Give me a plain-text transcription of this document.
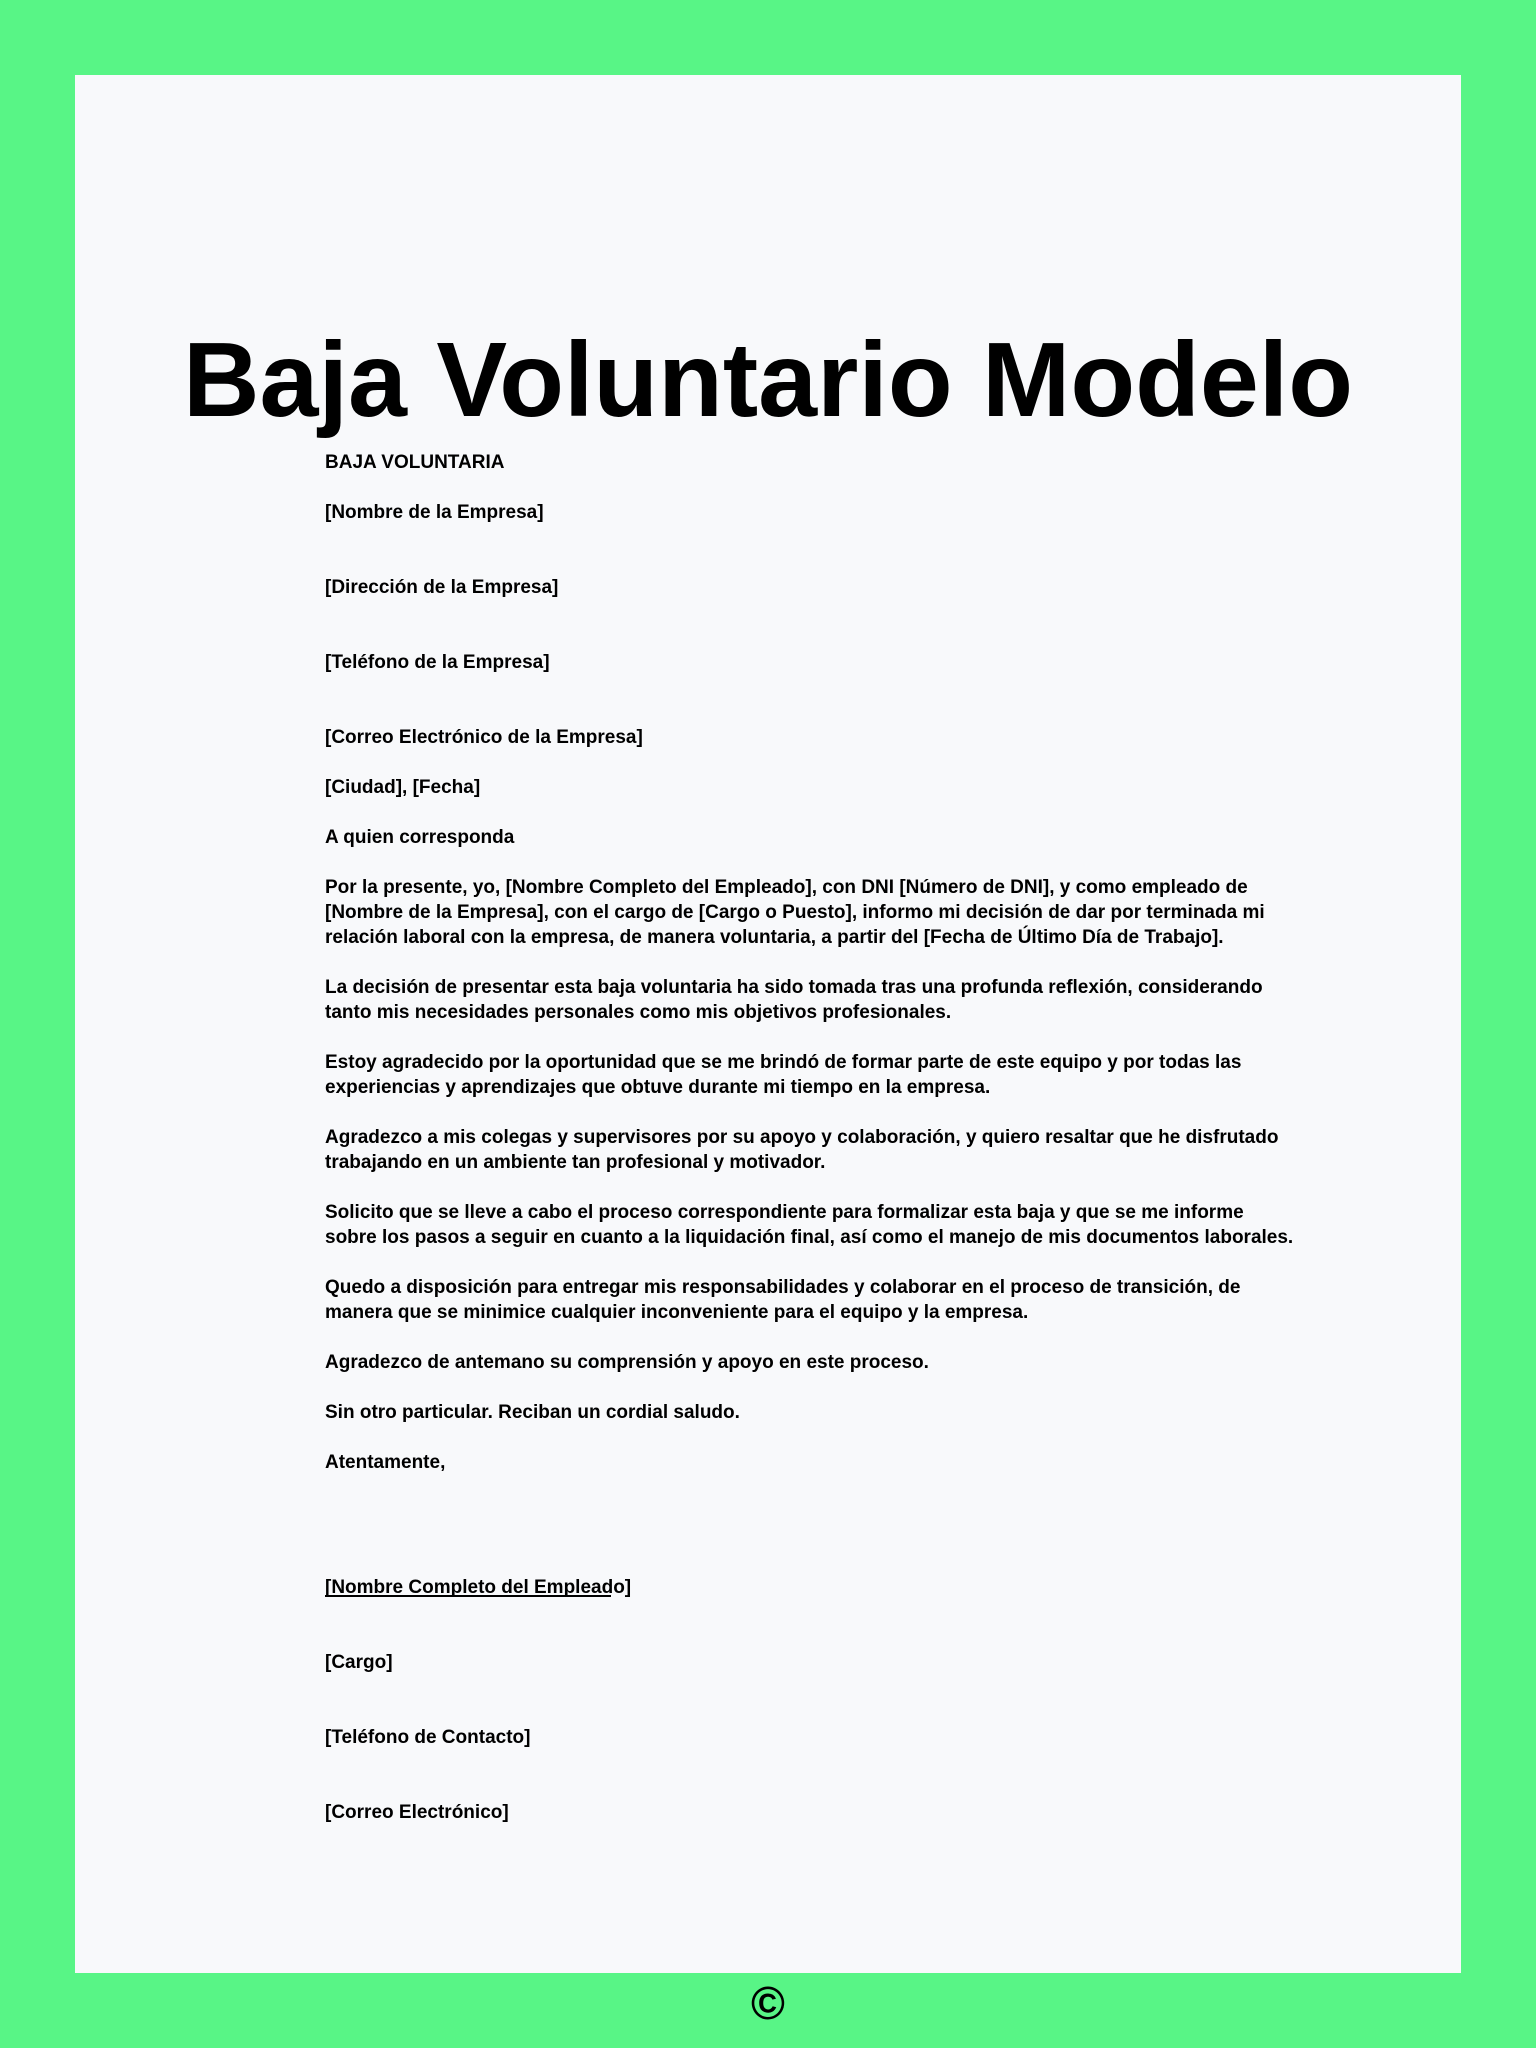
Baja Voluntario Modelo
BAJA VOLUNTARIA
[Nombre de la Empresa]
[Dirección de la Empresa]
[Teléfono de la Empresa]
[Correo Electrónico de la Empresa]
[Ciudad], [Fecha]
A quien corresponda
Por la presente, yo, [Nombre Completo del Empleado], con DNI [Número de DNI], y como empleado de
[Nombre de la Empresa], con el cargo de [Cargo o Puesto], informo mi decisión de dar por terminada mi
relación laboral con la empresa, de manera voluntaria, a partir del [Fecha de Último Día de Trabajo].
La decisión de presentar esta baja voluntaria ha sido tomada tras una profunda reflexión, considerando
tanto mis necesidades personales como mis objetivos profesionales.
Estoy agradecido por la oportunidad que se me brindó de formar parte de este equipo y por todas las
experiencias y aprendizajes que obtuve durante mi tiempo en la empresa.
Agradezco a mis colegas y supervisores por su apoyo y colaboración, y quiero resaltar que he disfrutado
trabajando en un ambiente tan profesional y motivador.
Solicito que se lleve a cabo el proceso correspondiente para formalizar esta baja y que se me informe
sobre los pasos a seguir en cuanto a la liquidación final, así como el manejo de mis documentos laborales.
Quedo a disposición para entregar mis responsabilidades y colaborar en el proceso de transición, de
manera que se minimice cualquier inconveniente para el equipo y la empresa.
Agradezco de antemano su comprensión y apoyo en este proceso.
Sin otro particular. Reciban un cordial saludo.
Atentamente,
[Nombre Completo del Empleado]
[Cargo]
[Teléfono de Contacto]
[Correo Electrónico]
©
